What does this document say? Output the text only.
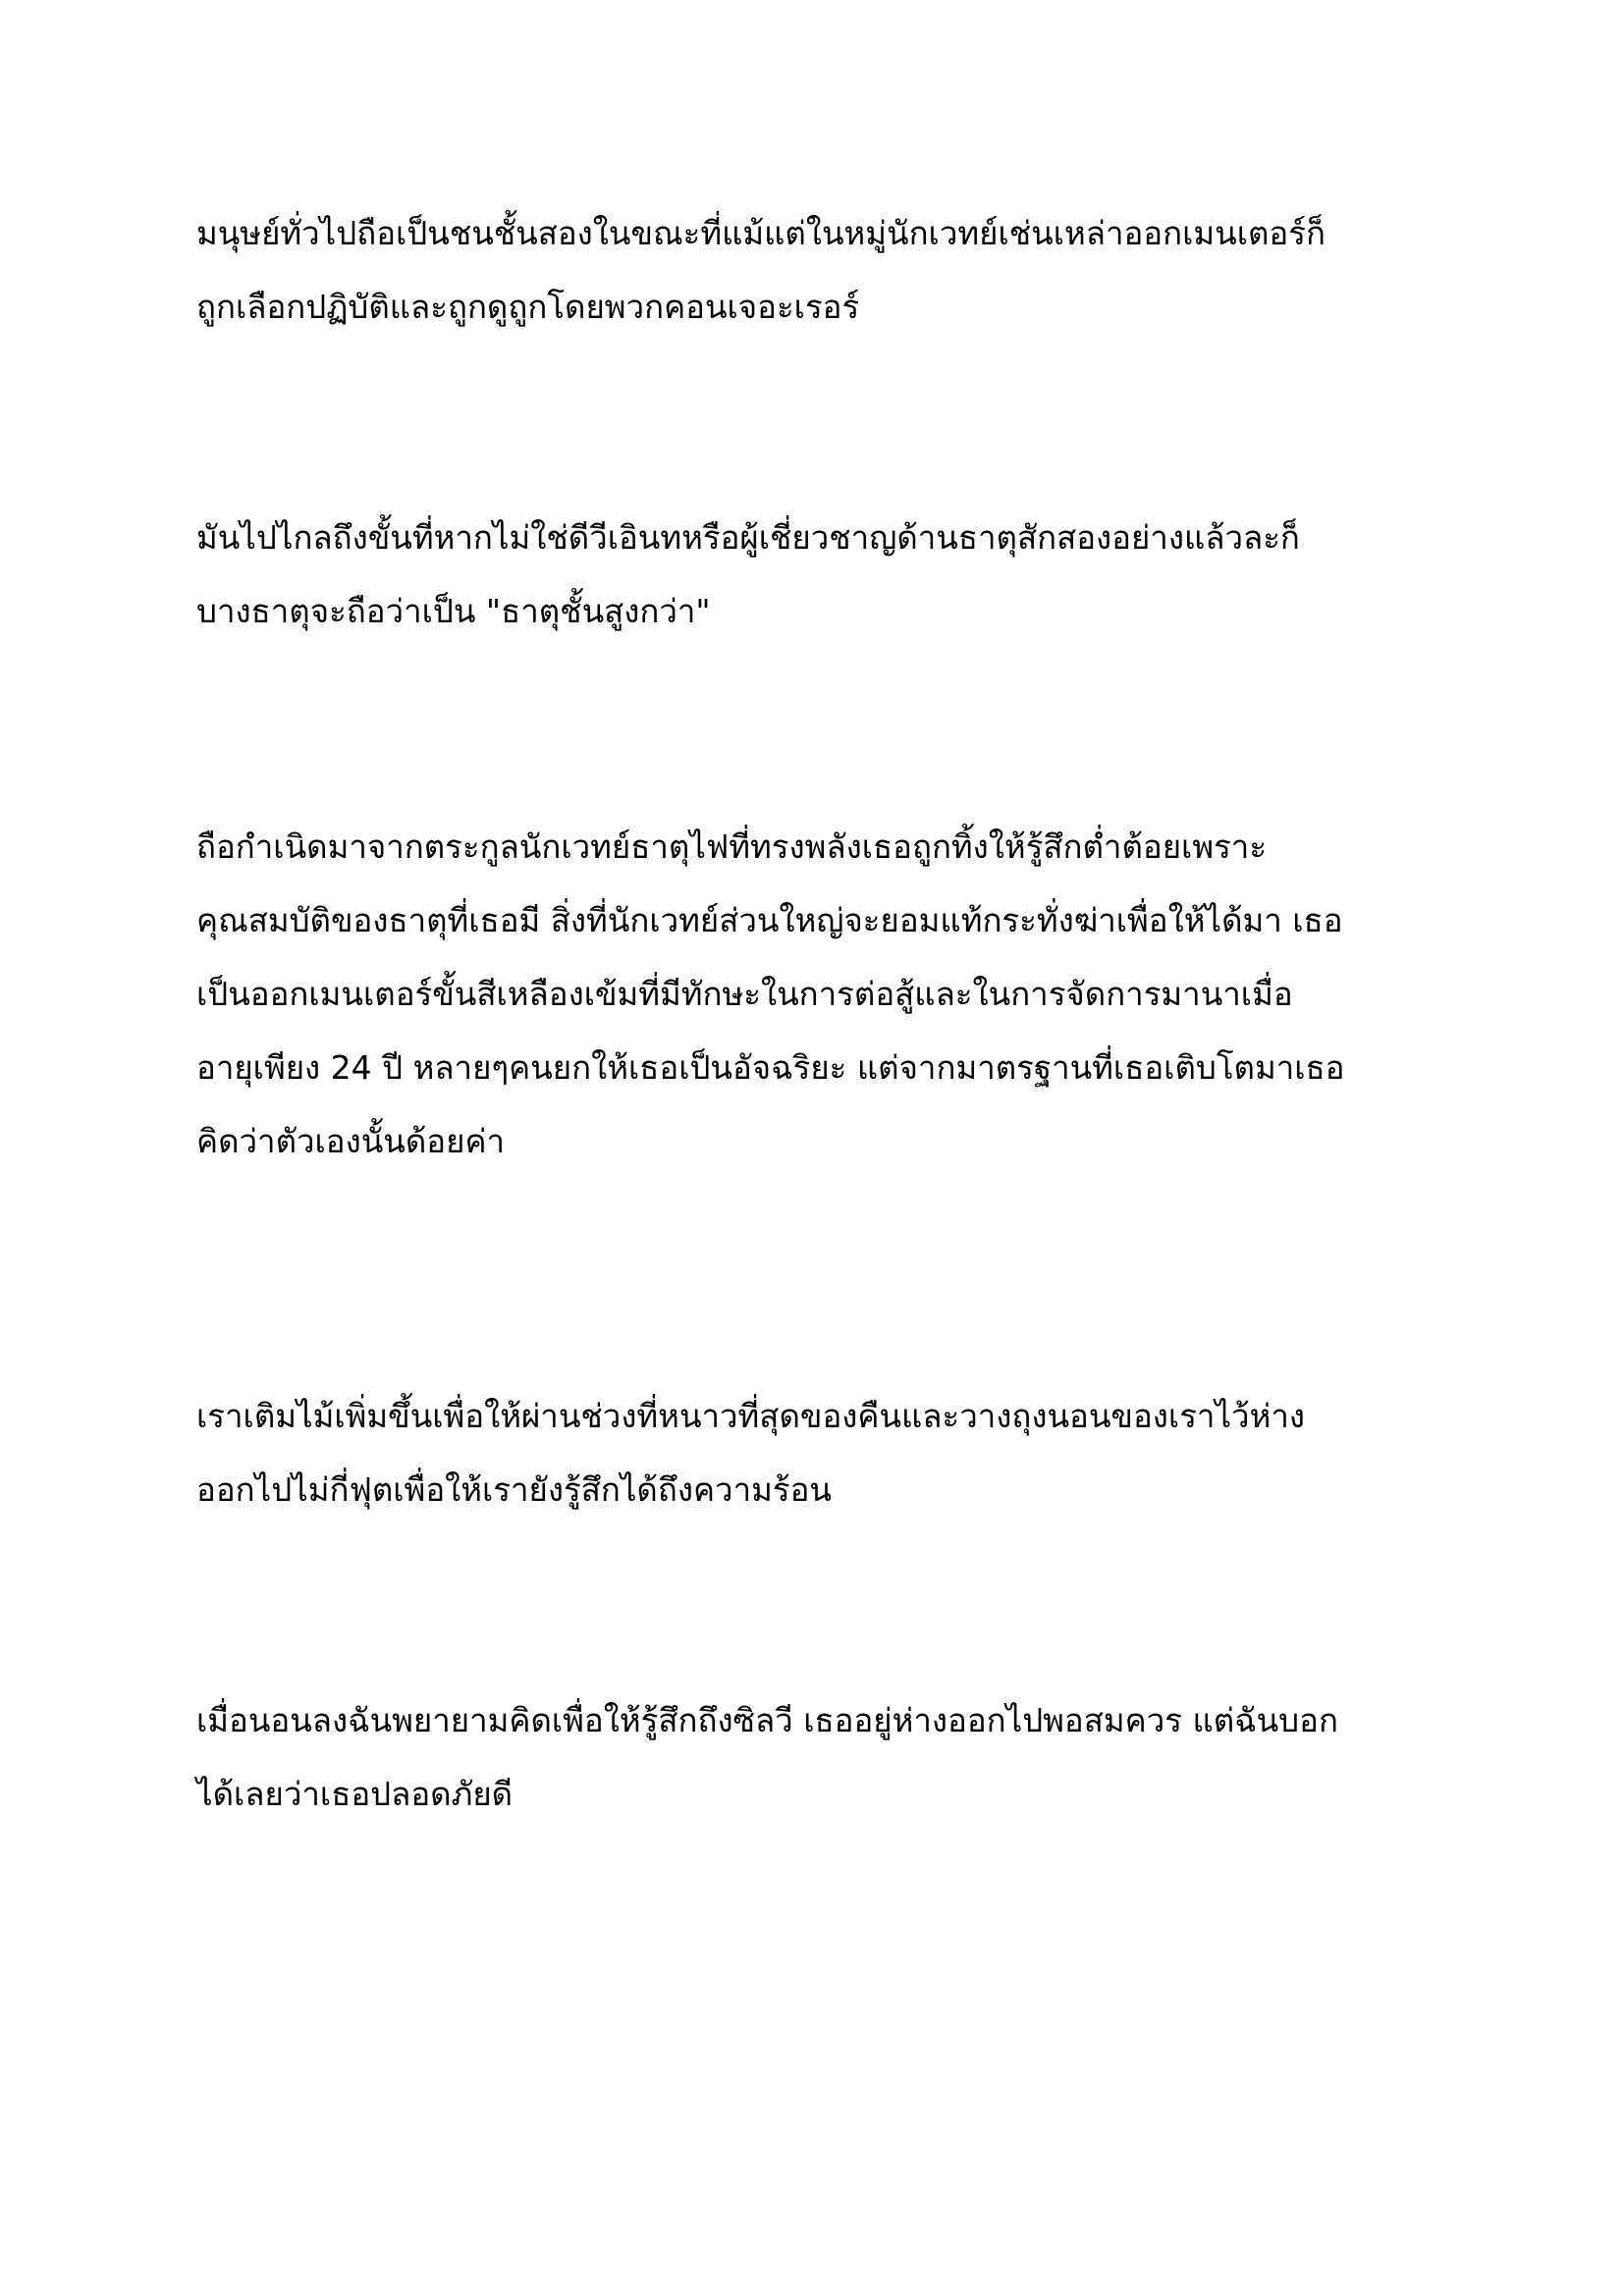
มนุษย์ทั่วไปถือเป็นชนชั้นสองในขณะที่แม้แต่ในหมู่นักเวทย์เช่นเหล่าออกเมนเตอร์ก็
ถูกเลือกปฏิบัติและถูกดูถูกโดยพวกคอนเจอะเรอร์
มันไปไกลถึงขั้นที่หากไม่ใช่ดีวีเอินทหรือผู้เชี่ยวชาญด้านธาตุสักสองอย่างแล้วละก็
บางธาตุจะถือว่าเป็น "ธาตุชั้นสูงกว่า"
ถือกำเนิดมาจากตระกูลนักเวทย์ธาตุไฟที่ทรงพลังเธอถูกทิ้งให้รู้สึกต่ำต้อยเพราะ
คุณสมบัติของธาตุที่เธอมี สิ่งที่นักเวทย์ส่วนใหญ่จะยอมแท้กระทั่งฆ่าเพื่อให้ได้มา เธอ
เป็นออกเมนเตอร์ขั้นสีเหลืองเข้มที่มีทักษะในการต่อสู้และในการจัดการมานาเมื่อ
อายุเพียง 24 ปี หลายๆคนยกให้เธอเป็นอัจฉริยะ แต่จากมาตรฐานที่เธอเติบโตมาเธอ
คิดว่าตัวเองนั้นด้อยค่า
เราเติมไม้เพิ่มขึ้นเพื่อให้ผ่านช่วงที่หนาวที่สุดของคืนและวางถุงนอนของเราไว้ห่าง
ออกไปไม่กี่ฟุตเพื่อให้เรายังรู้สึกได้ถึงความร้อน
เมื่อนอนลงฉันพยายามคิดเพื่อให้รู้สึกถึงซิลวี เธออยู่ห่างออกไปพอสมควร แต่ฉันบอก
ได้เลยว่าเธอปลอดภัยดี
